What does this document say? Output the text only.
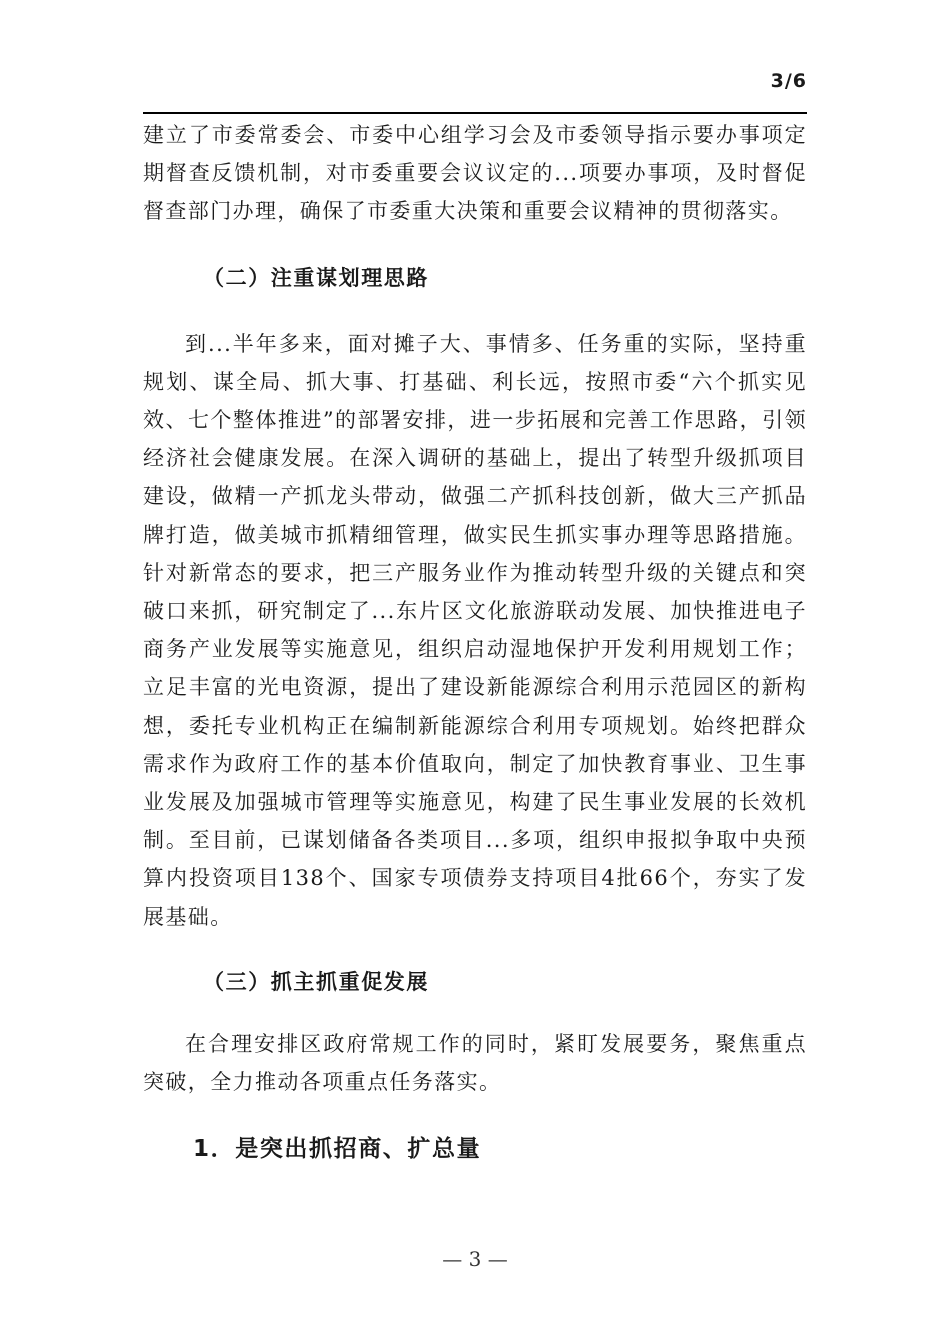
3/6

建立了市委常委会、市委中心组学习会及市委领导指示要办事项定期督查反馈机制，对市委重要会议议定的...项要办事项，及时督促督查部门办理，确保了市委重大决策和重要会议精神的贯彻落实。

（二）注重谋划理思路

到...半年多来，面对摊子大、事情多、任务重的实际，坚持重规划、谋全局、抓大事、打基础、利长远，按照市委“六个抓实见效、七个整体推进”的部署安排，进一步拓展和完善工作思路，引领经济社会健康发展。在深入调研的基础上，提出了转型升级抓项目建设，做精一产抓龙头带动，做强二产抓科技创新，做大三产抓品牌打造，做美城市抓精细管理，做实民生抓实事办理等思路措施。针对新常态的要求，把三产服务业作为推动转型升级的关键点和突破口来抓，研究制定了...东片区文化旅游联动发展、加快推进电子商务产业发展等实施意见，组织启动湿地保护开发利用规划工作；立足丰富的光电资源，提出了建设新能源综合利用示范园区的新构想，委托专业机构正在编制新能源综合利用专项规划。始终把群众需求作为政府工作的基本价值取向，制定了加快教育事业、卫生事业发展及加强城市管理等实施意见，构建了民生事业发展的长效机制。至目前，已谋划储备各类项目...多项，组织申报拟争取中央预算内投资项目138个、国家专项债券支持项目4批66个，夯实了发展基础。

（三）抓主抓重促发展

在合理安排区政府常规工作的同时，紧盯发展要务，聚焦重点突破，全力推动各项重点任务落实。

1．是突出抓招商、扩总量
— 3 —
